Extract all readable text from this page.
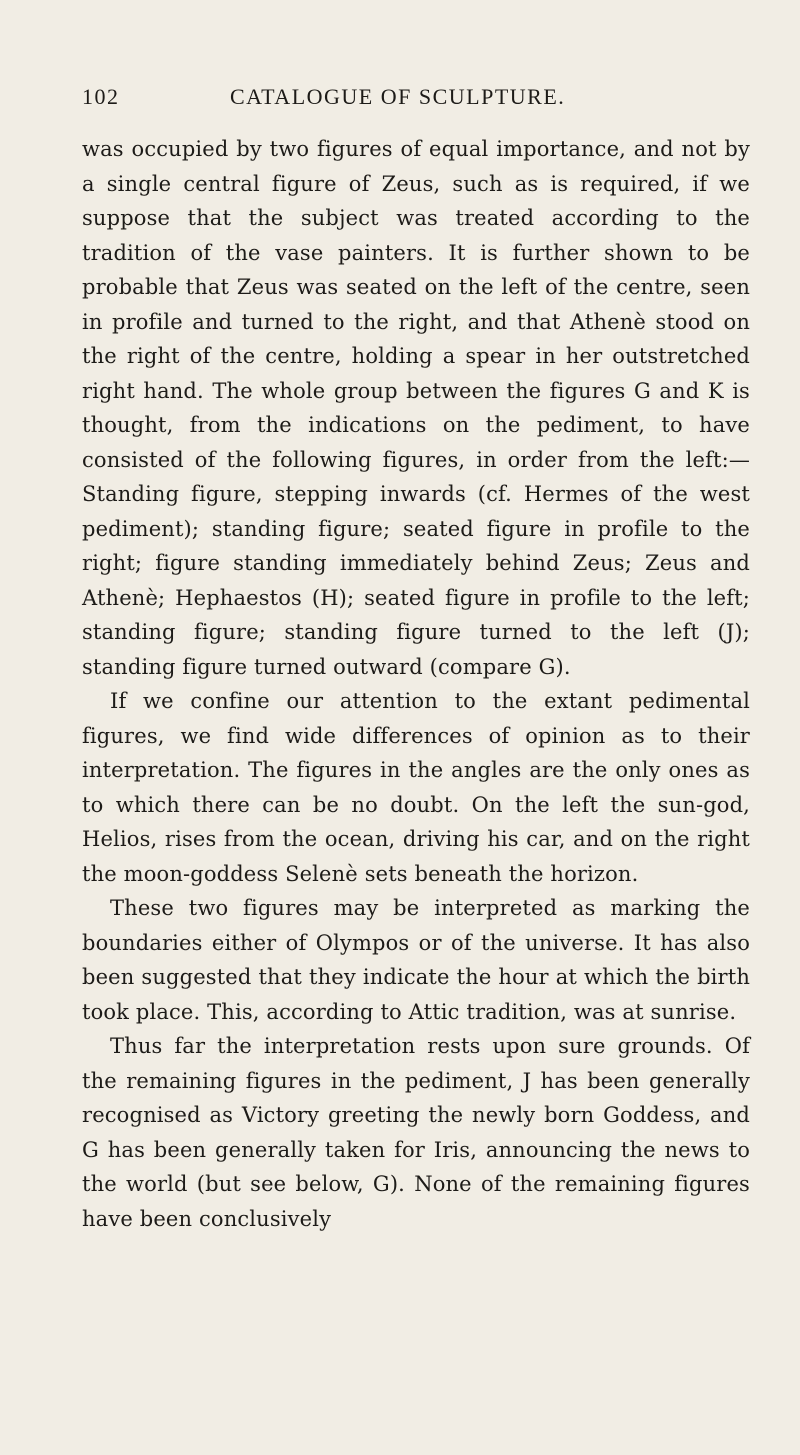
102	CATALOGUE OF SCULPTURE.

was occupied by two figures of equal importance, and not by a single central figure of Zeus, such as is required, if we suppose that the subject was treated according to the tradition of the vase painters. It is further shown to be probable that Zeus was seated on the left of the centre, seen in profile and turned to the right, and that Athenè stood on the right of the centre, holding a spear in her outstretched right hand. The whole group between the figures G and K is thought, from the indications on the pediment, to have consisted of the following figures, in order from the left:—Standing figure, stepping inwards (cf. Hermes of the west pediment); standing figure; seated figure in profile to the right; figure standing immediately behind Zeus; Zeus and Athenè; Hephaestos (H); seated figure in profile to the left; standing figure; standing figure turned to the left (J); standing figure turned outward (compare G).

If we confine our attention to the extant pedimental figures, we find wide differences of opinion as to their interpretation. The figures in the angles are the only ones as to which there can be no doubt. On the left the sun-god, Helios, rises from the ocean, driving his car, and on the right the moon-goddess Selenè sets beneath the horizon.

These two figures may be interpreted as marking the boundaries either of Olympos or of the universe. It has also been suggested that they indicate the hour at which the birth took place. This, according to Attic tradition, was at sunrise.

Thus far the interpretation rests upon sure grounds. Of the remaining figures in the pediment, J has been generally recognised as Victory greeting the newly born Goddess, and G has been generally taken for Iris, announcing the news to the world (but see below, G). None of the remaining figures have been conclusively
